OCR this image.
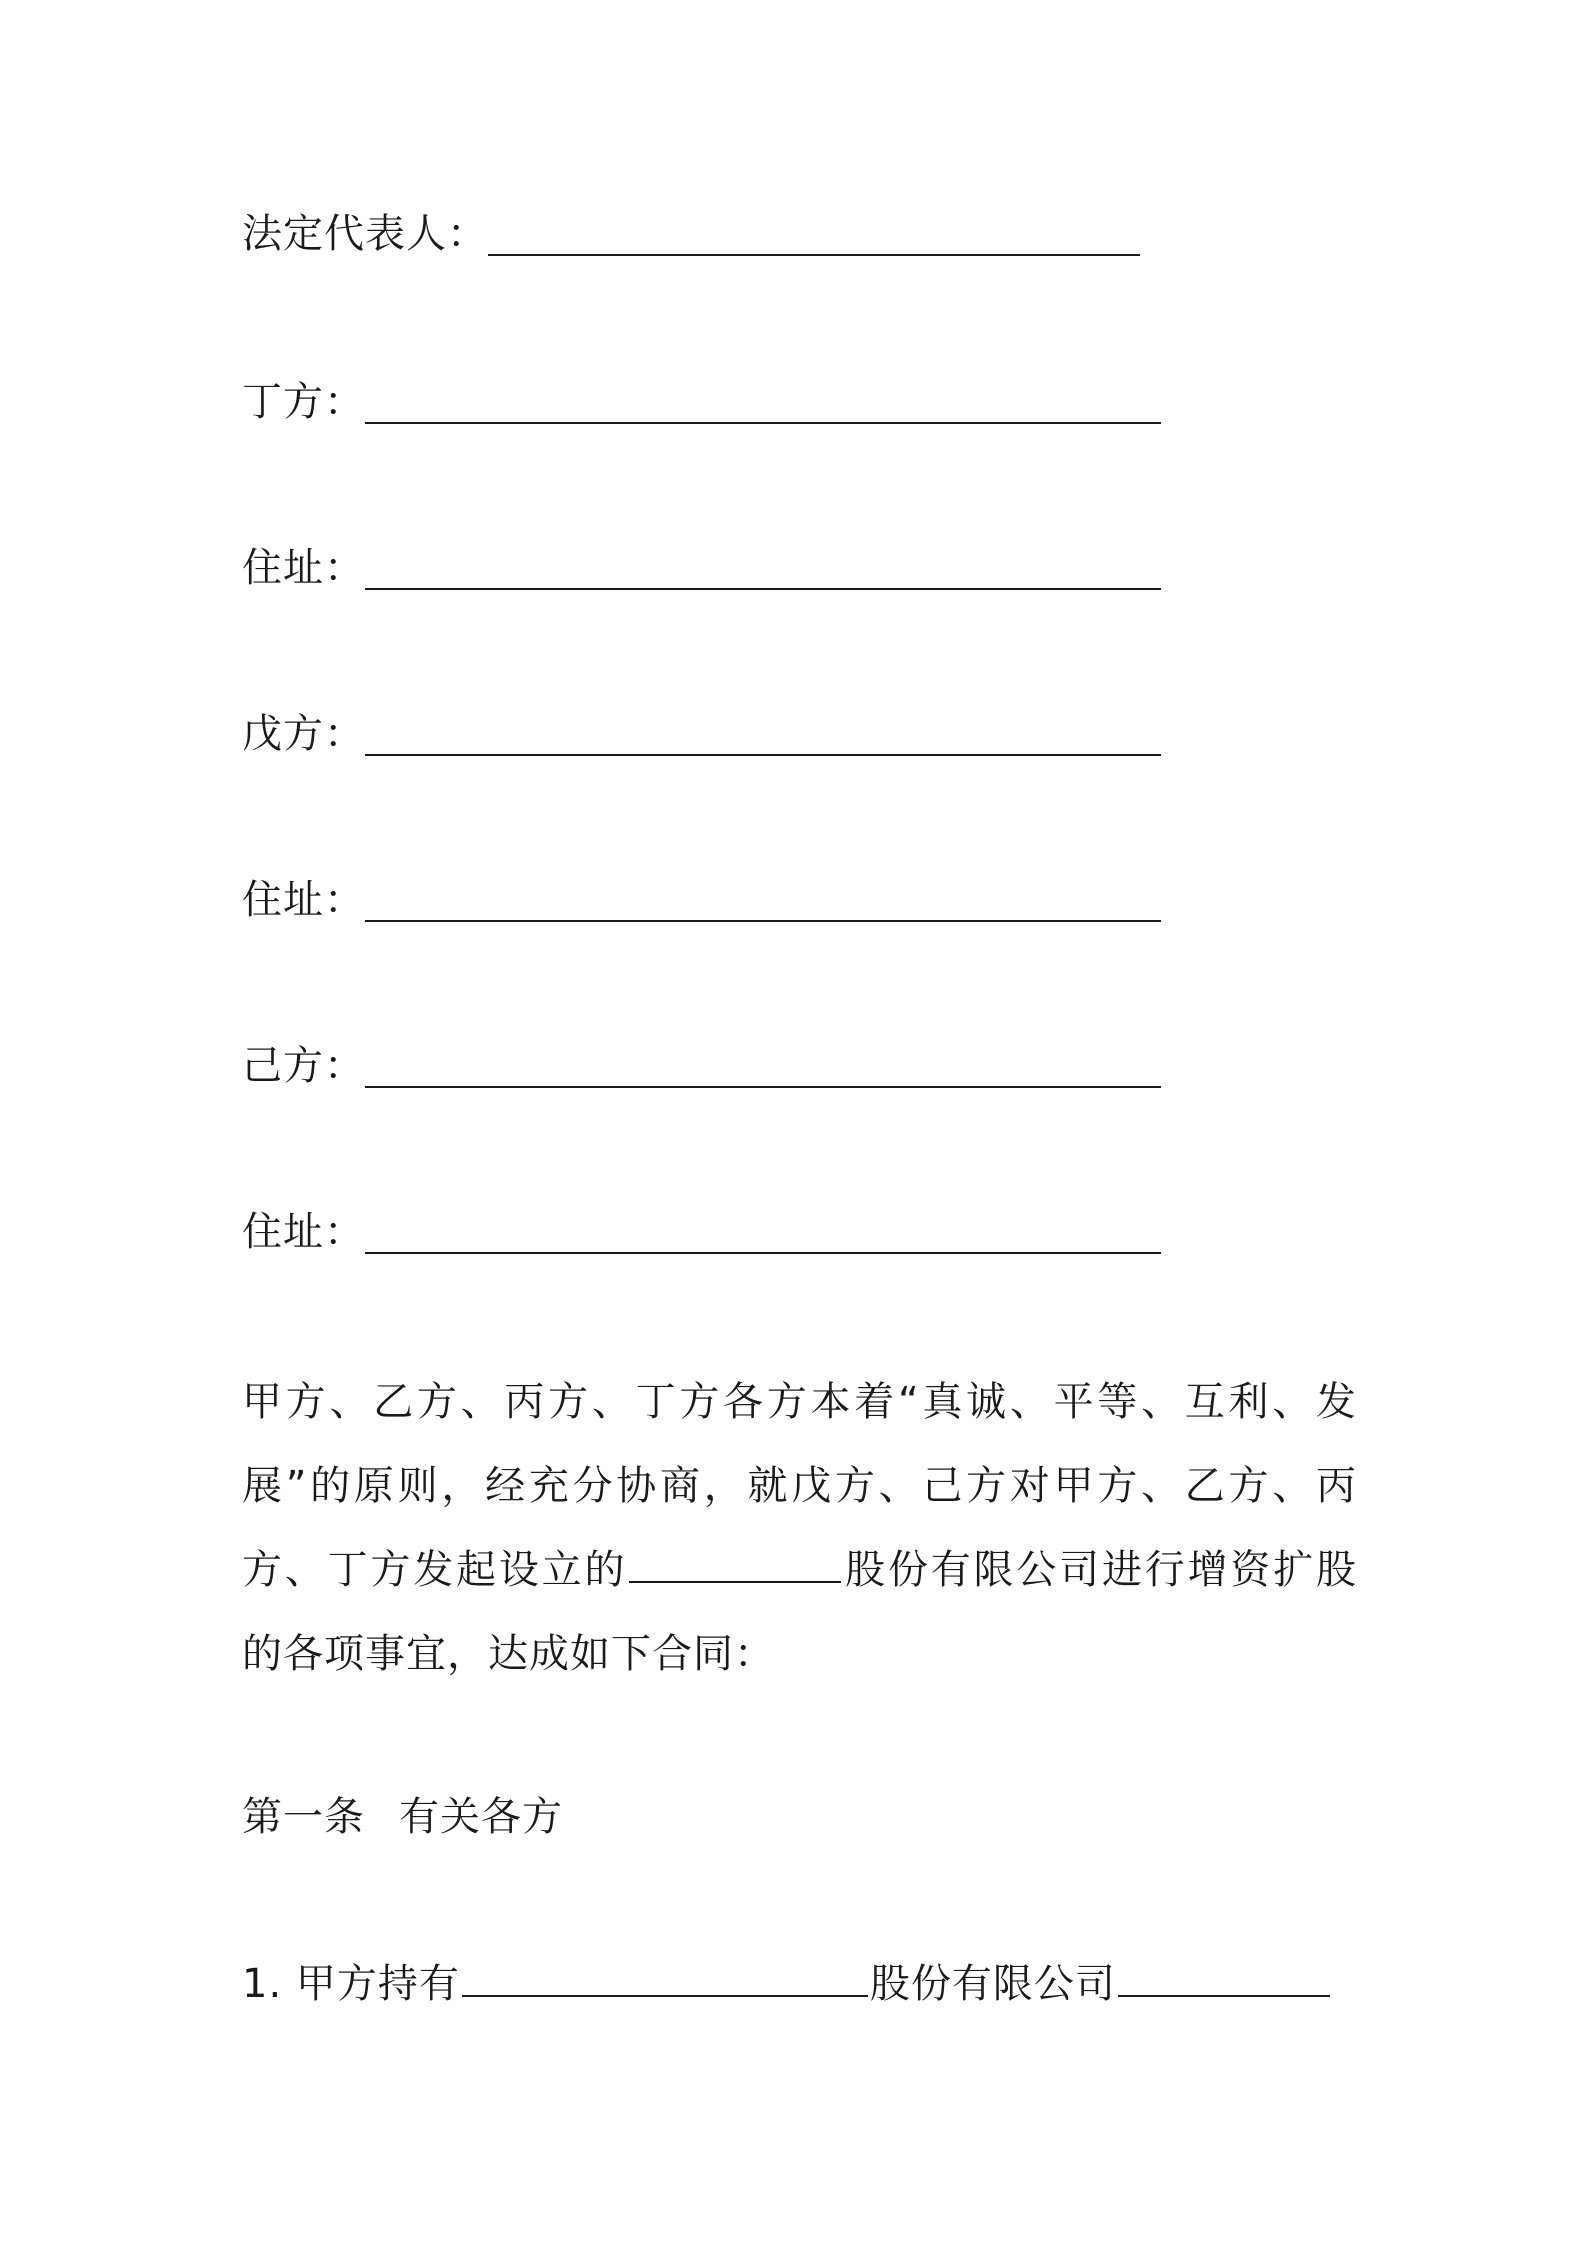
法定代表人：
丁方：
住址：
戊方：
住址：
己方：
住址：
甲方、乙方、丙方、丁方各方本着“真诚、平等、互利、发
展”的原则，经充分协商，就戊方、己方对甲方、乙方、丙
方、丁方发起设立的	股份有限公司进行增资扩股
的各项事宜，达成如下合同：
第一条 有关各方
1. 甲方持有	股份有限公司
